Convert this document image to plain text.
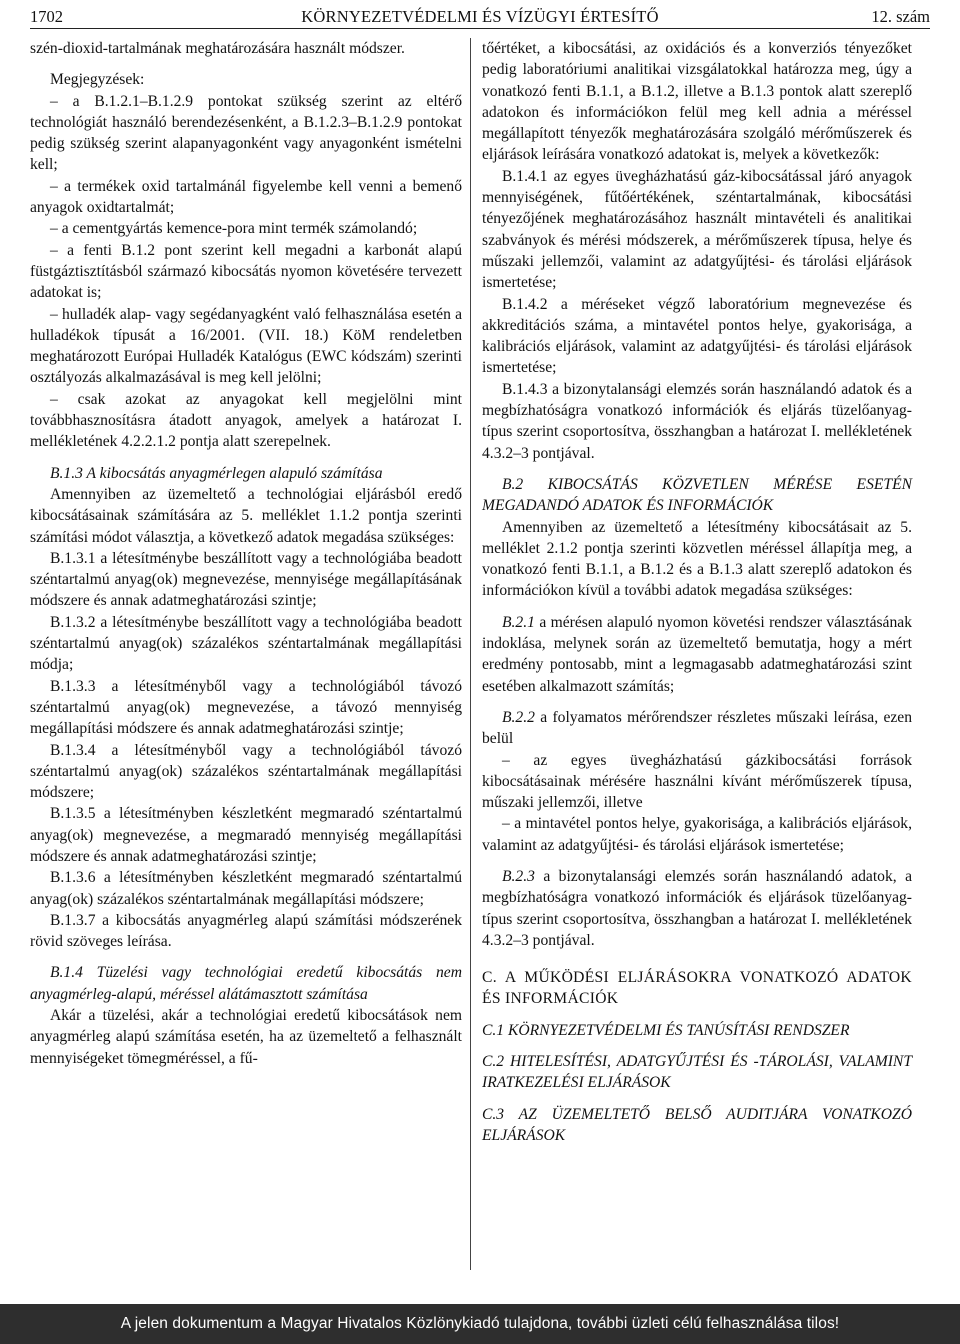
1702	KÖRNYEZETVÉDELMI ÉS VÍZÜGYI ÉRTESÍTŐ	12. szám

szén-dioxid-tartalmának meghatározására használt módszer.

Megjegyzések:

– a B.1.2.1–B.1.2.9 pontokat szükség szerint az eltérő technológiát használó berendezésenként, a B.1.2.3–B.1.2.9 pontokat pedig szükség szerint alapanyagonként vagy anyagonként ismételni kell;

– a termékek oxid tartalmánál figyelembe kell venni a bemenő anyagok oxidtartalmát;

– a cementgyártás kemence-pora mint termék számolandó;

– a fenti B.1.2 pont szerint kell megadni a karbonát alapú füstgáztisztításból származó kibocsátás nyomon követésére tervezett adatokat is;

– hulladék alap- vagy segédanyagként való felhasználása esetén a hulladékok típusát a 16/2001. (VII. 18.) KöM rendeletben meghatározott Európai Hulladék Katalógus (EWC kódszám) szerinti osztályozás alkalmazásával is meg kell jelölni;

– csak azokat az anyagokat kell megjelölni mint továbbhasznosításra átadott anyagok, amelyek a határozat I. mellékletének 4.2.2.1.2 pontja alatt szerepelnek.

B.1.3 A kibocsátás anyagmérlegen alapuló számítása

Amennyiben az üzemeltető a technológiai eljárásból eredő kibocsátásainak számítására az 5. melléklet 1.1.2 pontja szerinti számítási módot választja, a következő adatok megadása szükséges:

B.1.3.1 a létesítménybe beszállított vagy a technológiába beadott széntartalmú anyag(ok) megnevezése, mennyisége megállapításának módszere és annak adatmeghatározási szintje;

B.1.3.2 a létesítménybe beszállított vagy a technológiába beadott széntartalmú anyag(ok) százalékos széntartalmának megállapítási módja;

B.1.3.3 a létesítményből vagy a technológiából távozó széntartalmú anyag(ok) megnevezése, a távozó mennyiség megállapítási módszere és annak adatmeghatározási szintje;

B.1.3.4 a létesítményből vagy a technológiából távozó széntartalmú anyag(ok) százalékos széntartalmának megállapítási módszere;

B.1.3.5 a létesítményben készletként megmaradó széntartalmú anyag(ok) megnevezése, a megmaradó mennyiség megállapítási módszere és annak adatmeghatározási szintje;

B.1.3.6 a létesítményben készletként megmaradó széntartalmú anyag(ok) százalékos széntartalmának megállapítási módszere;

B.1.3.7 a kibocsátás anyagmérleg alapú számítási módszerének rövid szöveges leírása.

B.1.4 Tüzelési vagy technológiai eredetű kibocsátás nem anyagmérleg-alapú, méréssel alátámasztott számítása

Akár a tüzelési, akár a technológiai eredetű kibocsátások nem anyagmérleg alapú számítása esetén, ha az üzemeltető a felhasznált mennyiségeket tömegméréssel, a fű-

tőértéket, a kibocsátási, az oxidációs és a konverziós tényezőket pedig laboratóriumi analitikai vizsgálatokkal határozza meg, úgy a vonatkozó fenti B.1.1, a B.1.2, illetve a B.1.3 pontok alatt szereplő adatokon és információkon felül meg kell adnia a méréssel megállapított tényezők meghatározására szolgáló mérőműszerek és eljárások leírására vonatkozó adatokat is, melyek a következők:

B.1.4.1 az egyes üvegházhatású gáz-kibocsátással járó anyagok mennyiségének, fűtőértékének, széntartalmának, kibocsátási tényezőjének meghatározásához használt mintavételi és analitikai szabványok és mérési módszerek, a mérőműszerek típusa, helye és műszaki jellemzői, valamint az adatgyűjtési- és tárolási eljárások ismertetése;

B.1.4.2 a méréseket végző laboratórium megnevezése és akkreditációs száma, a mintavétel pontos helye, gyakorisága, a kalibrációs eljárások, valamint az adatgyűjtési- és tárolási eljárások ismertetése;

B.1.4.3 a bizonytalansági elemzés során használandó adatok és a megbízhatóságra vonatkozó információk és eljárás tüzelőanyag-típus szerint csoportosítva, összhangban a határozat I. mellékletének 4.3.2–3 pontjával.

B.2 KIBOCSÁTÁS KÖZVETLEN MÉRÉSE ESETÉN MEGADANDÓ ADATOK ÉS INFORMÁCIÓK

Amennyiben az üzemeltető a létesítmény kibocsátásait az 5. melléklet 2.1.2 pontja szerinti közvetlen méréssel állapítja meg, a vonatkozó fenti B.1.1, a B.1.2 és a B.1.3 alatt szereplő adatokon és információkon kívül a további adatok megadása szükséges:

B.2.1 a mérésen alapuló nyomon követési rendszer választásának indoklása, melynek során az üzemeltető bemutatja, hogy a mért eredmény pontosabb, mint a legmagasabb adatmeghatározási szint esetében alkalmazott számítás;

B.2.2 a folyamatos mérőrendszer részletes műszaki leírása, ezen belül

– az egyes üvegházhatású gázkibocsátási források kibocsátásainak mérésére használni kívánt mérőműszerek típusa, műszaki jellemzői, illetve

– a mintavétel pontos helye, gyakorisága, a kalibrációs eljárások, valamint az adatgyűjtési- és tárolási eljárások ismertetése;

B.2.3 a bizonytalansági elemzés során használandó adatok, a megbízhatóságra vonatkozó információk és eljárások tüzelőanyag-típus szerint csoportosítva, összhangban a határozat I. mellékletének 4.3.2–3 pontjával.

C. A MŰKÖDÉSI ELJÁRÁSOKRA VONATKOZÓ ADATOK ÉS INFORMÁCIÓK

C.1 KÖRNYEZETVÉDELMI ÉS TANÚSÍTÁSI RENDSZER

C.2 HITELESÍTÉSI, ADATGYŰJTÉSI ÉS -TÁROLÁSI, VALAMINT IRATKEZELÉSI ELJÁRÁSOK

C.3 AZ ÜZEMELTETŐ BELSŐ AUDITJÁRA VONATKOZÓ ELJÁRÁSOK

A jelen dokumentum a Magyar Hivatalos Közlönykiadó tulajdona, további üzleti célú felhasználása tilos!
